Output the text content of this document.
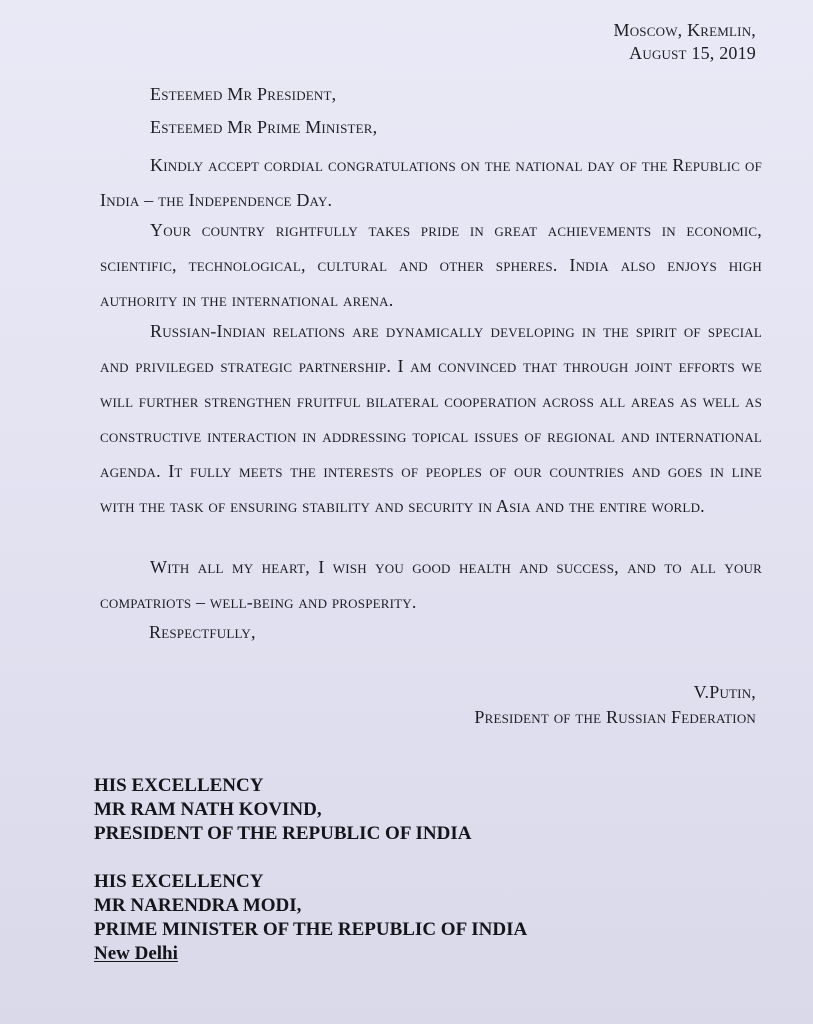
Moscow, Kremlin,
August 15, 2019
Esteemed Mr President,
Esteemed Mr Prime Minister,
Kindly accept cordial congratulations on the national day of the Republic of India – the Independence Day.
Your country rightfully takes pride in great achievements in economic, scientific, technological, cultural and other spheres. India also enjoys high authority in the international arena.
Russian-Indian relations are dynamically developing in the spirit of special and privileged strategic partnership. I am convinced that through joint efforts we will further strengthen fruitful bilateral cooperation across all areas as well as constructive interaction in addressing topical issues of regional and international agenda. It fully meets the interests of peoples of our countries and goes in line with the task of ensuring stability and security in Asia and the entire world.
With all my heart, I wish you good health and success, and to all your compatriots – well-being and prosperity.
Respectfully,
V.Putin,
President of the Russian Federation
HIS EXCELLENCY
MR RAM NATH KOVIND,
PRESIDENT OF THE REPUBLIC OF INDIA
HIS EXCELLENCY
MR NARENDRA MODI,
PRIME MINISTER OF THE REPUBLIC OF INDIA
New Delhi
